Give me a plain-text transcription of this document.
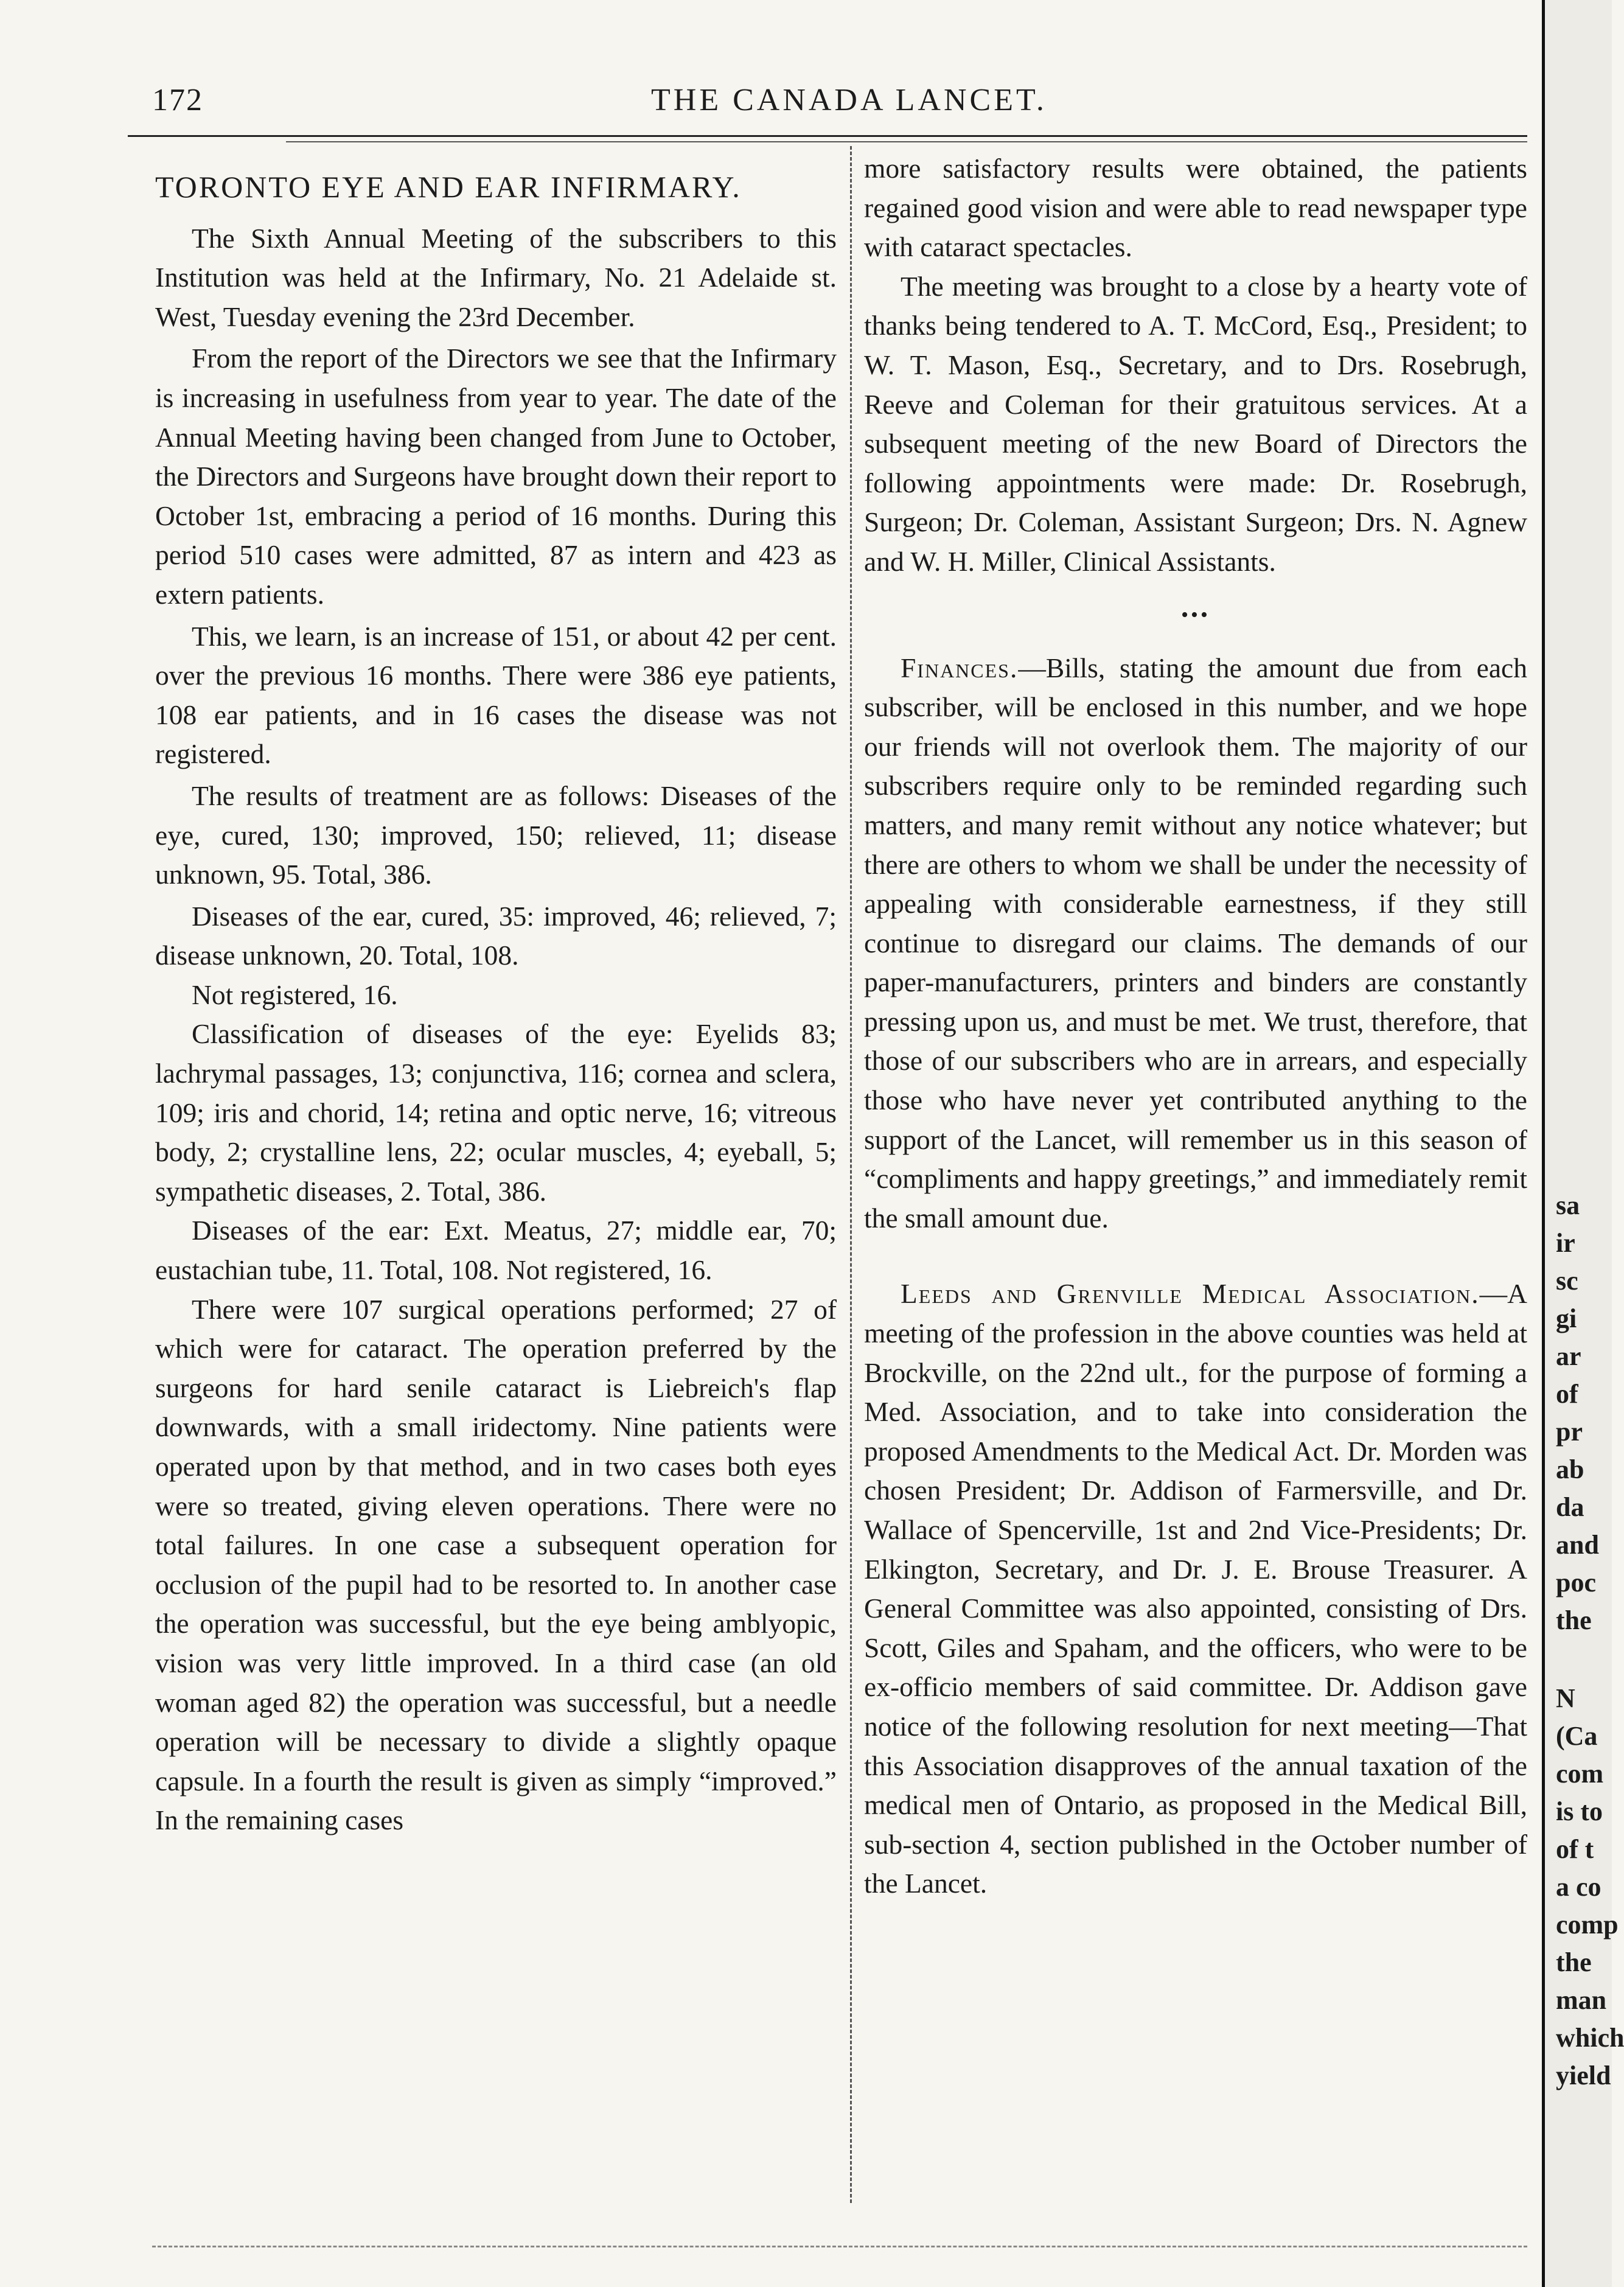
172	THE CANADA LANCET.
TORONTO EYE AND EAR INFIRMARY.

The Sixth Annual Meeting of the subscribers to this Institution was held at the Infirmary, No. 21 Adelaide st. West, Tuesday evening the 23rd December.

From the report of the Directors we see that the Infirmary is increasing in usefulness from year to year. The date of the Annual Meeting having been changed from June to October, the Directors and Surgeons have brought down their report to October 1st, embracing a period of 16 months. During this period 510 cases were admitted, 87 as intern and 423 as extern patients.

This, we learn, is an increase of 151, or about 42 per cent. over the previous 16 months. There were 386 eye patients, 108 ear patients, and in 16 cases the disease was not registered.

The results of treatment are as follows: Diseases of the eye, cured, 130; improved, 150; relieved, 11; disease unknown, 95. Total, 386.

Diseases of the ear, cured, 35: improved, 46; relieved, 7; disease unknown, 20. Total, 108.

Not registered, 16.

Classification of diseases of the eye: Eyelids 83; lachrymal passages, 13; conjunctiva, 116; cornea and sclera, 109; iris and chorid, 14; retina and optic nerve, 16; vitreous body, 2; crystalline lens, 22; ocular muscles, 4; eyeball, 5; sympathetic diseases, 2. Total, 386.

Diseases of the ear: Ext. Meatus, 27; middle ear, 70; eustachian tube, 11. Total, 108. Not registered, 16.

There were 107 surgical operations performed; 27 of which were for cataract. The operation preferred by the surgeons for hard senile cataract is Liebreich's flap downwards, with a small iridectomy. Nine patients were operated upon by that method, and in two cases both eyes were so treated, giving eleven operations. There were no total failures. In one case a subsequent operation for occlusion of the pupil had to be resorted to. In another case the operation was successful, but the eye being amblyopic, vision was very little improved. In a third case (an old woman aged 82) the operation was successful, but a needle operation will be necessary to divide a slightly opaque capsule. In a fourth the result is given as simply “improved.” In the remaining cases

more satisfactory results were obtained, the patients regained good vision and were able to read newspaper type with cataract spectacles.

The meeting was brought to a close by a hearty vote of thanks being tendered to A. T. McCord, Esq., President; to W. T. Mason, Esq., Secretary, and to Drs. Rosebrugh, Reeve and Coleman for their gratuitous services. At a subsequent meeting of the new Board of Directors the following appointments were made: Dr. Rosebrugh, Surgeon; Dr. Coleman, Assistant Surgeon; Drs. N. Agnew and W. H. Miller, Clinical Assistants.

•••

Finances.—Bills, stating the amount due from each subscriber, will be enclosed in this number, and we hope our friends will not overlook them. The majority of our subscribers require only to be reminded regarding such matters, and many remit without any notice whatever; but there are others to whom we shall be under the necessity of appealing with considerable earnestness, if they still continue to disregard our claims. The demands of our paper-manufacturers, printers and binders are constantly pressing upon us, and must be met. We trust, therefore, that those of our subscribers who are in arrears, and especially those who have never yet contributed anything to the support of the Lancet, will remember us in this season of “compliments and happy greetings,” and immediately remit the small amount due.

Leeds and Grenville Medical Association.—A meeting of the profession in the above counties was held at Brockville, on the 22nd ult., for the purpose of forming a Med. Association, and to take into consideration the proposed Amendments to the Medical Act. Dr. Morden was chosen President; Dr. Addison of Farmersville, and Dr. Wallace of Spencerville, 1st and 2nd Vice-Presidents; Dr. Elkington, Secretary, and Dr. J. E. Brouse Treasurer. A General Committee was also appointed, consisting of Drs. Scott, Giles and Spaham, and the officers, who were to be ex-officio members of said committee. Dr. Addison gave notice of the following resolution for next meeting—That this Association disapproves of the annual taxation of the medical men of Ontario, as proposed in the Medical Bill, sub-section 4, section published in the October number of the Lancet.

sa
ir
sc
gi
ar
of
pr
ab
da
and
poc
the
N
(Ca
com
is to
of t
a co
comp
the
man
which
yield
